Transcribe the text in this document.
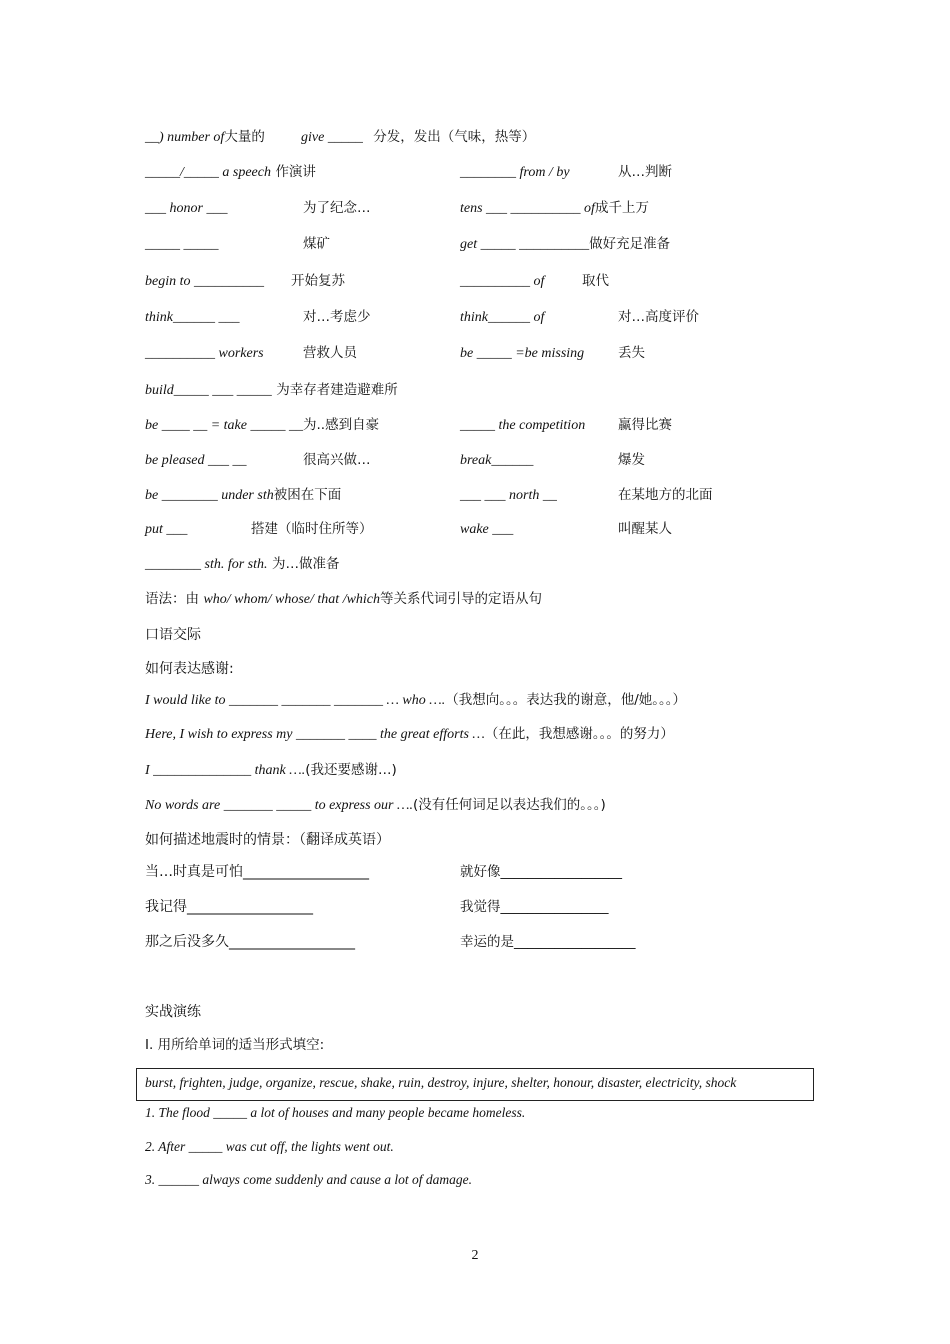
__) number of大量的	give _____ 分发，发出（气味，热等）
_____/_____ a speech 作演讲	________ from / by	从…判断
___ honor ___	为了纪念…	tens ___ __________ of成千上万
_____ _____	煤矿	get _____ __________做好充足准备
begin to __________ 开始复苏	__________ of	取代
think______ ___	对…考虑少	think______ of	对…高度评价
__________ workers	营救人员	be _____ =be missing	丢失
build_____ ___ _____ 为幸存者建造避难所
be ____ __ = take _____ __为..感到自豪	_____ the competition 赢得比赛
be pleased ___ __	很高兴做…	break______	爆发
be ________ under sth被困在下面	___ ___ north __	在某地方的北面
put ___	搭建（临时住所等）	wake ___	叫醒某人
________ sth. for sth. 为…做准备
语法：由 who/ whom/ whose/ that /which等关系代词引导的定语从句
口语交际
如何表达感谢:
I would like to _______ _______ _______ … who ….（我想向。。。表达我的谢意，他/她。。。）
Here, I wish to express my _______ ____ the great efforts …（在此，我想感谢。。。的努力）
I ______________ thank ….(我还要感谢…)
No words are _______ _____ to express our ….(没有任何词足以表达我们的。。。)
如何描述地震时的情景：（翻译成英语）
当…时真是可怕__________________	就好像__________________
我记得__________________	我觉得________________
那之后没多久__________________	幸运的是__________________
实战演练
I. 用所给单词的适当形式填空:
burst, frighten, judge, organize, rescue, shake, ruin, destroy, injure, shelter, honour, disaster, electricity, shock
1. The flood _____ a lot of houses and many people became homeless.
2. After _____ was cut off, the lights went out.
3. ______ always come suddenly and cause a lot of damage.
2
